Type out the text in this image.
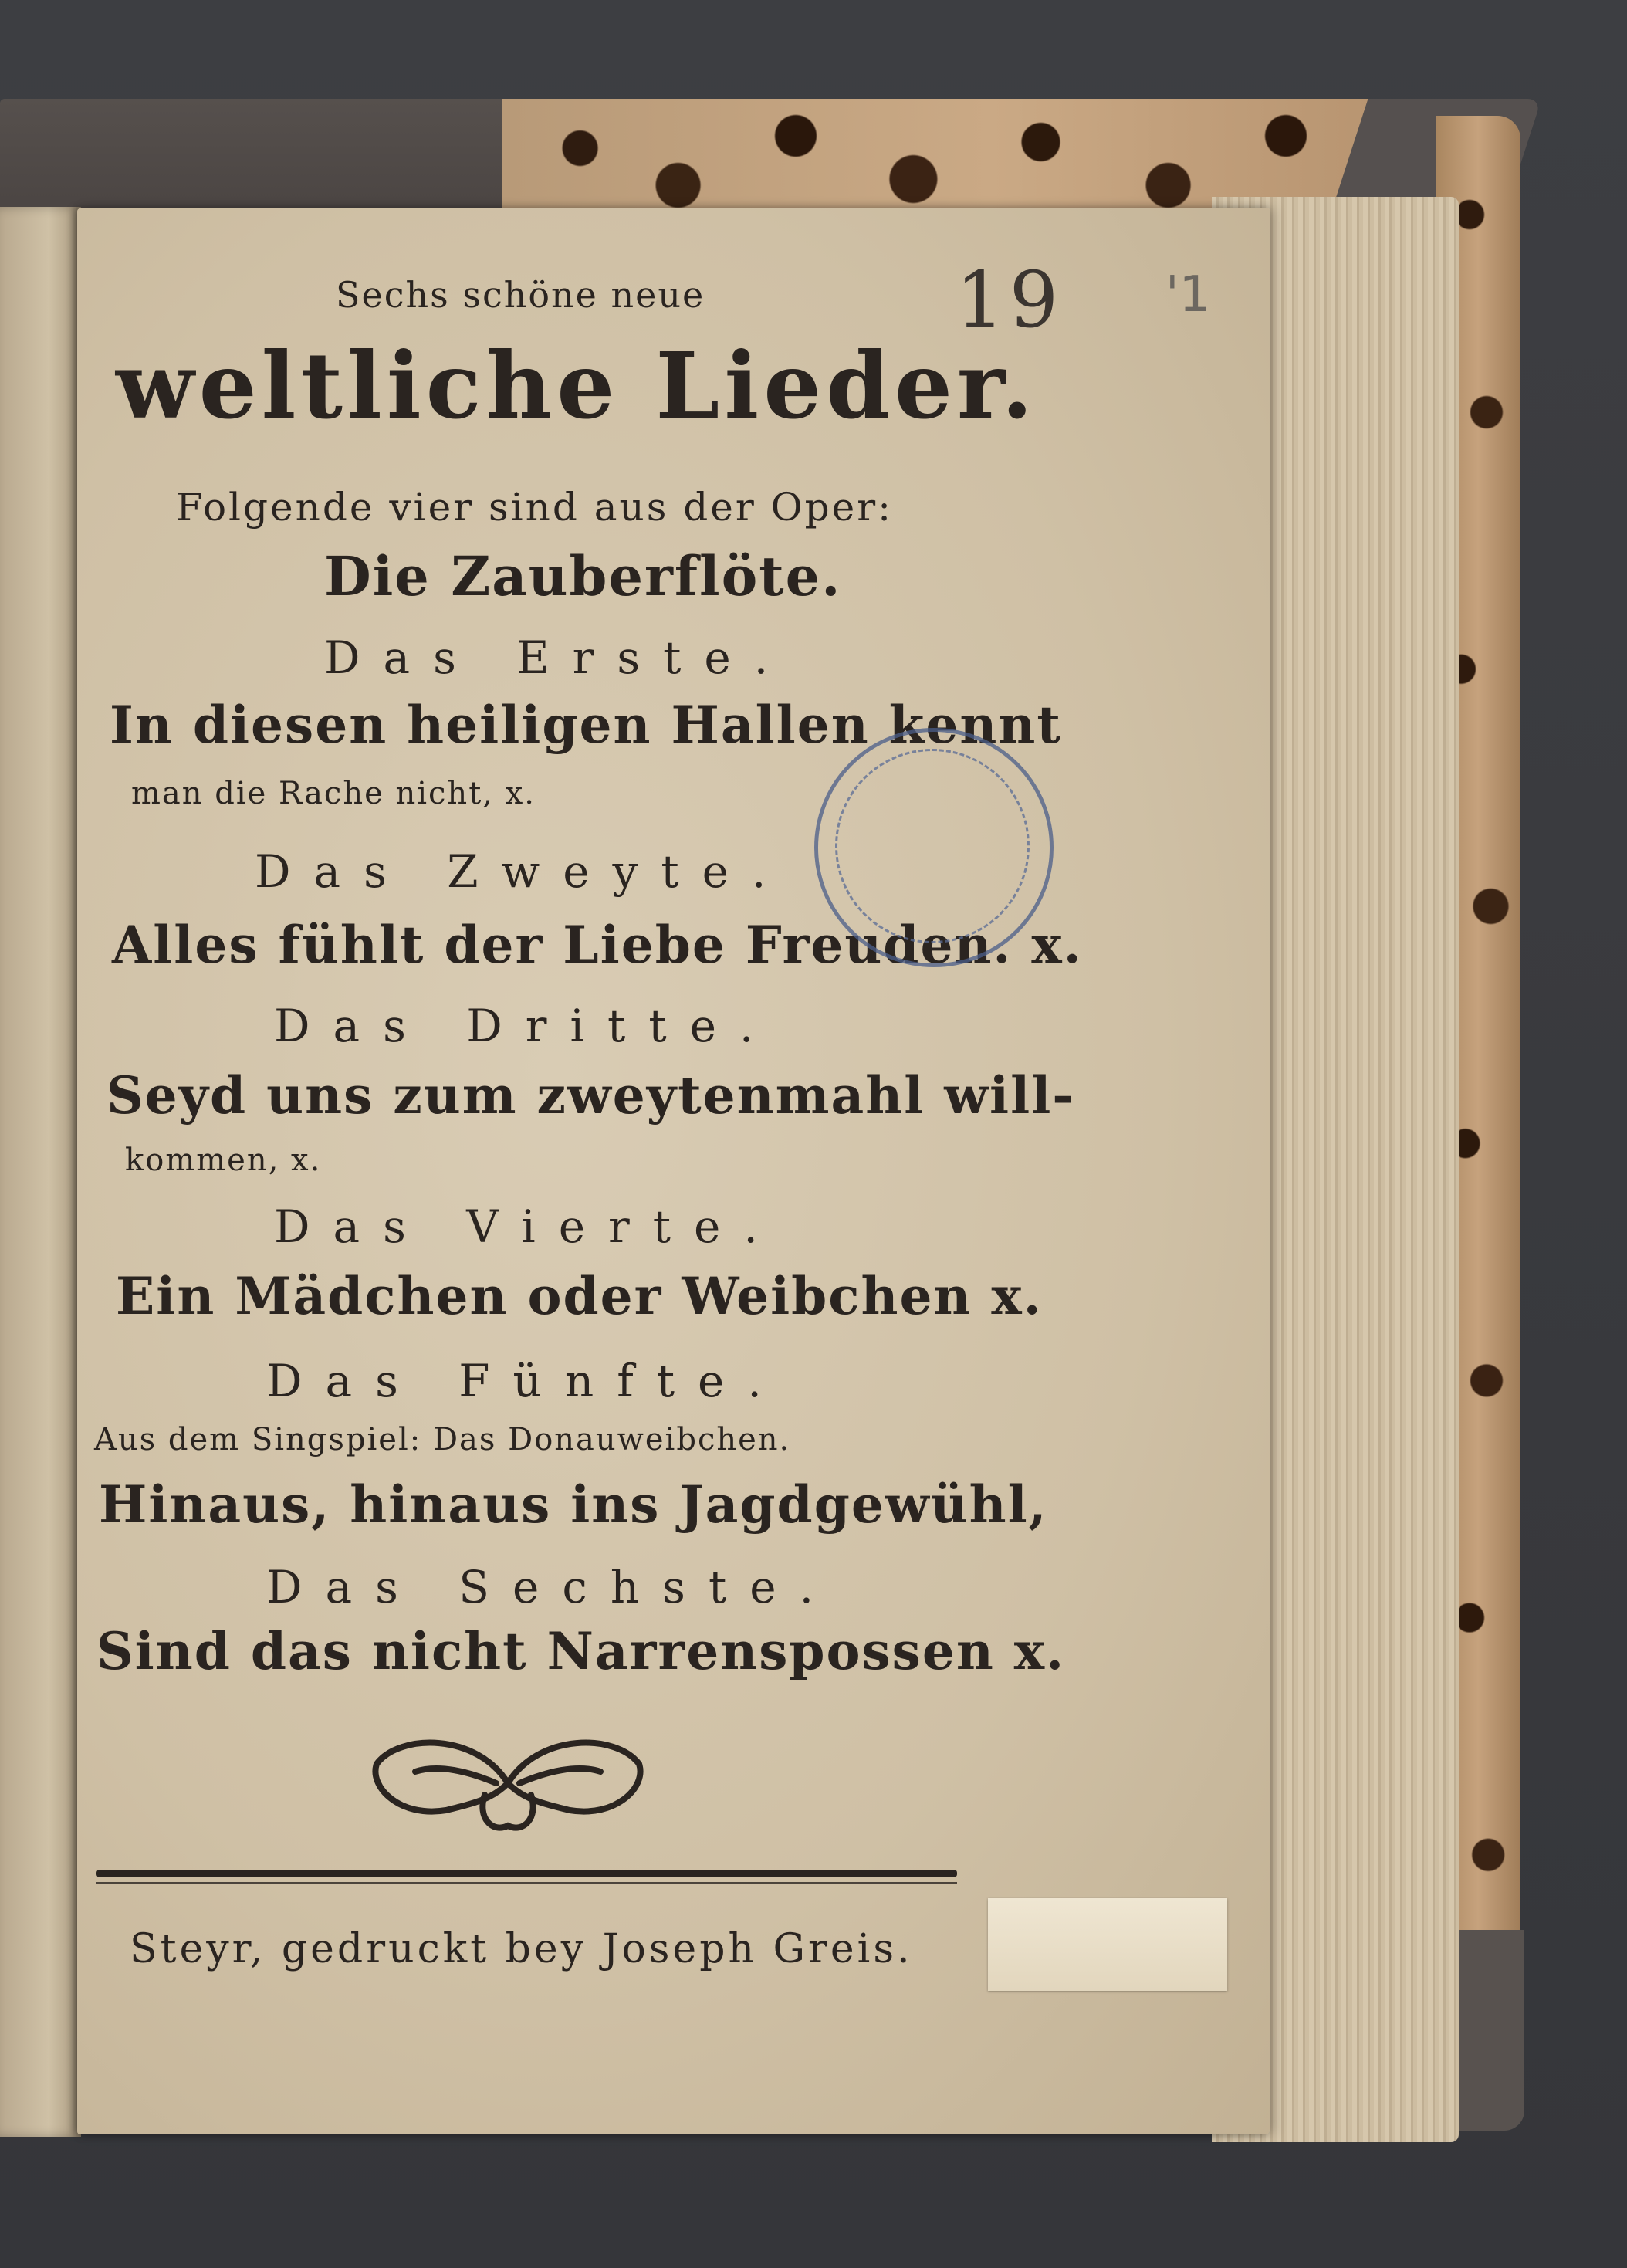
Sechs schöne neue
weltliche Lieder.
Folgende vier sind aus der Oper:
Die Zauberflöte.
Das Erste.
In diesen heiligen Hallen kennt
man die Rache nicht, x.
Das Zweyte.
Alles fühlt der Liebe Freuden. x.
Das Dritte.
Seyd uns zum zweytenmahl will-
kommen, x.
Das Vierte.
Ein Mädchen oder Weibchen x.
Das Fünfte.
Aus dem Singspiel: Das Donauweibchen.
Hinaus, hinaus ins Jagdgewühl,
Das Sechste.
Sind das nicht Narrenspossen x.
Steyr, gedruckt bey Joseph Greis.
19 '1
